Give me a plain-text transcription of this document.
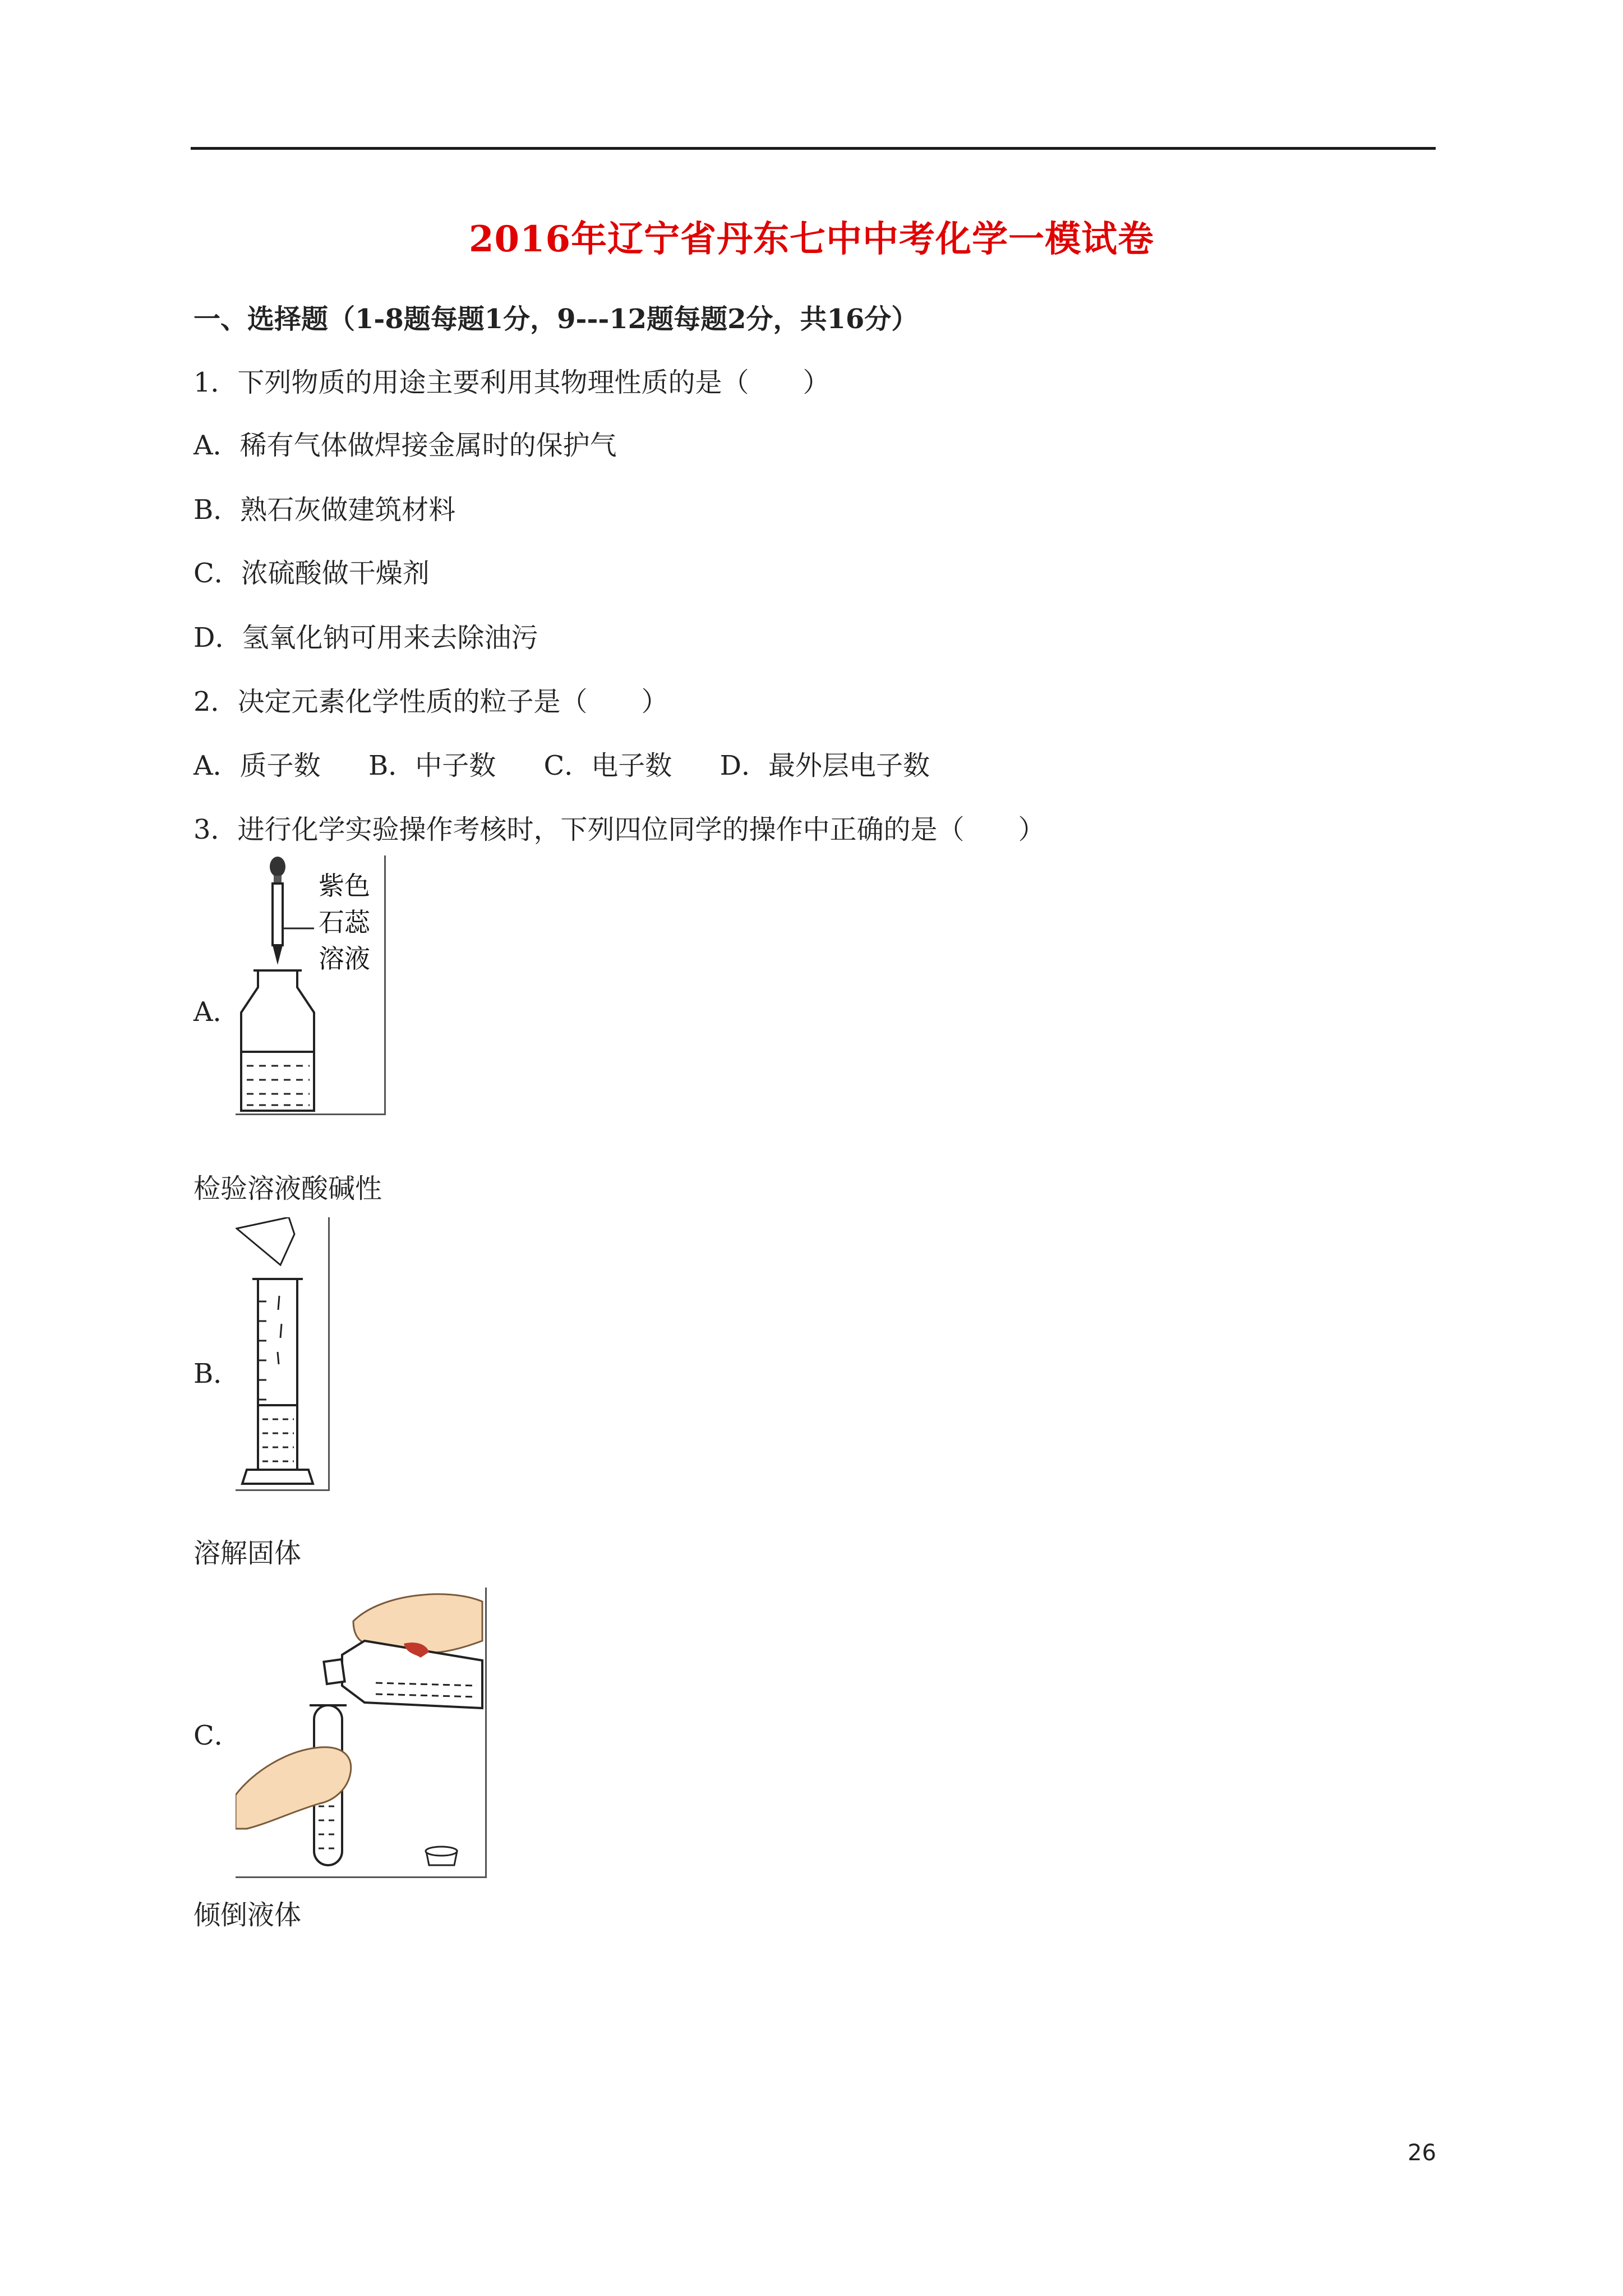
2016年辽宁省丹东七中中考化学一模试卷
一、选择题（1-8题每题1分，9---12题每题2分，共16分）
1．下列物质的用途主要利用其物理性质的是（　　）
A．稀有气体做焊接金属时的保护气
B．熟石灰做建筑材料
C．浓硫酸做干燥剂
D．氢氧化钠可用来去除油污
2．决定元素化学性质的粒子是（　　）
A．质子数 B．中子数 C．电子数 D．最外层电子数
3．进行化学实验操作考核时，下列四位同学的操作中正确的是（　　）
A．
紫色
石蕊
溶液
检验溶液酸碱性
B．
溶解固体
C．
倾倒液体
26
